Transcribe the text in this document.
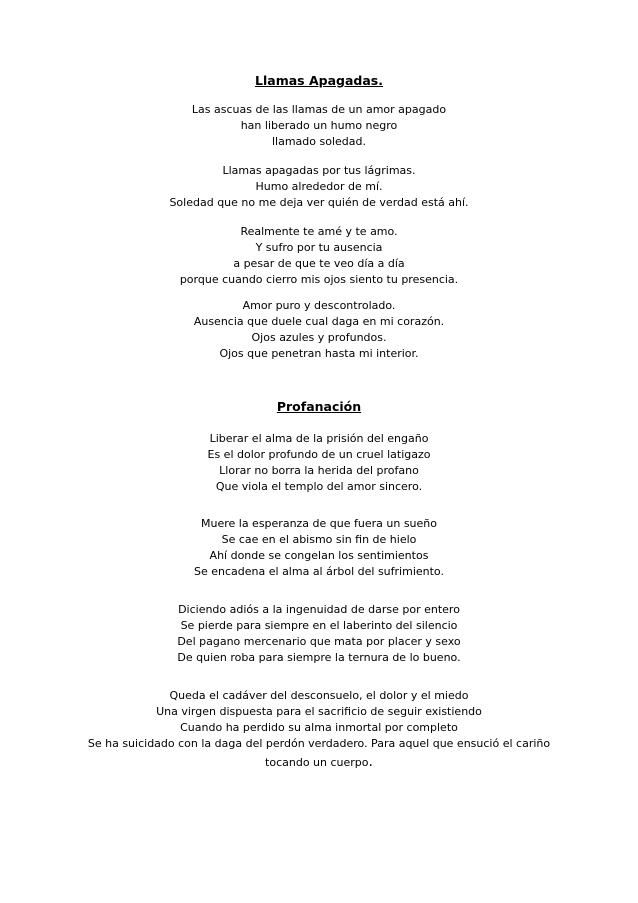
Llamas Apagadas.
Las ascuas de las llamas de un amor apagado
han liberado un humo negro
llamado soledad.
Llamas apagadas por tus lágrimas.
Humo alrededor de mí.
Soledad que no me deja ver quién de verdad está ahí.
Realmente te amé y te amo.
Y sufro por tu ausencia
a pesar de que te veo día a día
porque cuando cierro mis ojos siento tu presencia.
Amor puro y descontrolado.
Ausencia que duele cual daga en mi corazón.
Ojos azules y profundos.
Ojos que penetran hasta mi interior.
Profanación
Liberar el alma de la prisión del engaño
Es el dolor profundo de un cruel latigazo
Llorar no borra la herida del profano
Que viola el templo del amor sincero.
Muere la esperanza de que fuera un sueño
Se cae en el abismo sin fin de hielo
Ahí donde se congelan los sentimientos
Se encadena el alma al árbol del sufrimiento.
Diciendo adiós a la ingenuidad de darse por entero
Se pierde para siempre en el laberinto del silencio
Del pagano mercenario que mata por placer y sexo
De quien roba para siempre la ternura de lo bueno.
Queda el cadáver del desconsuelo, el dolor y el miedo
Una virgen dispuesta para el sacrificio de seguir existiendo
Cuando ha perdido su alma inmortal por completo
Se ha suicidado con la daga del perdón verdadero. Para aquel que ensució el cariño
tocando un cuerpo.
